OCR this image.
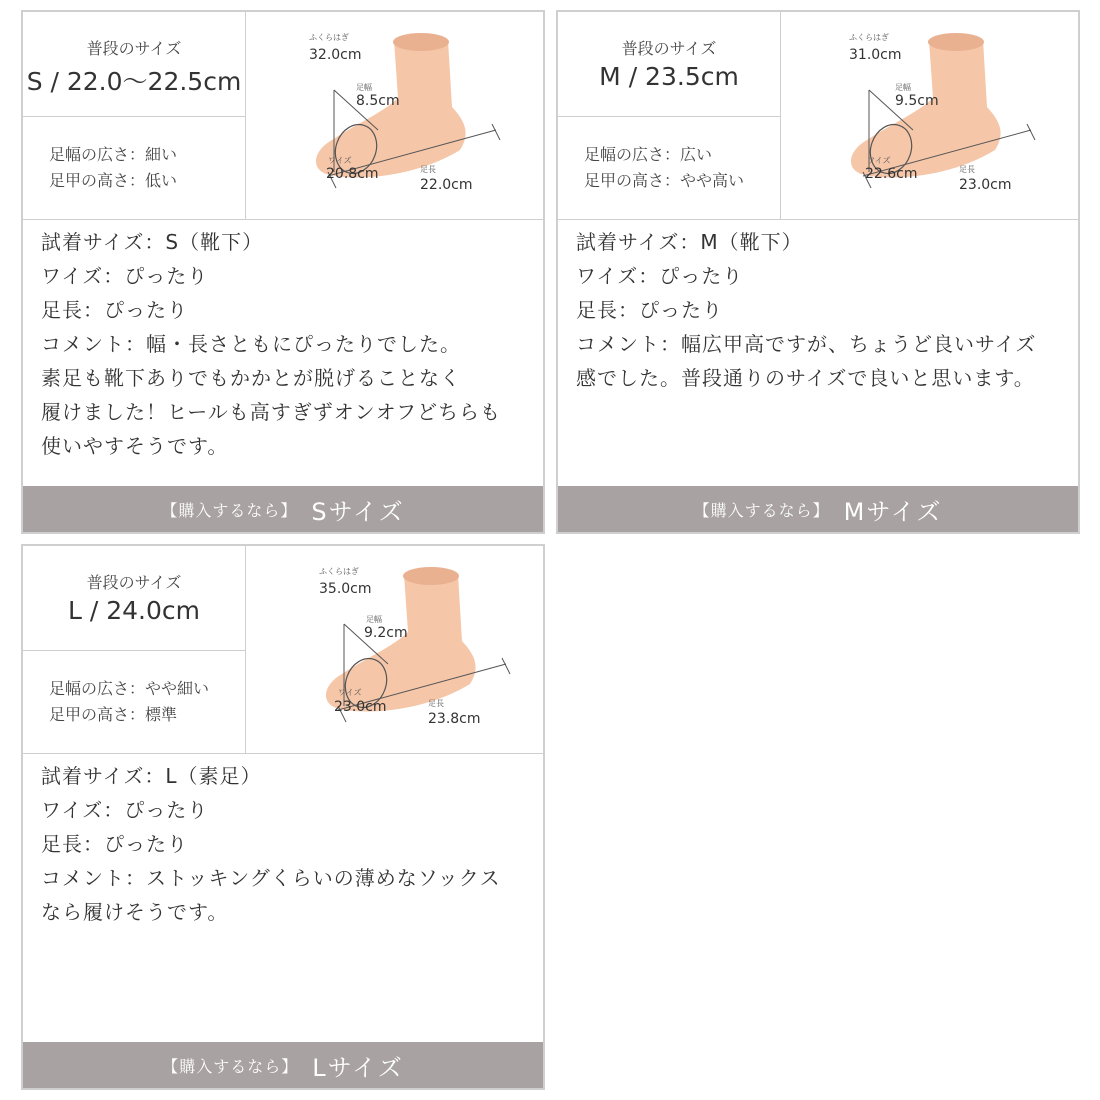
普段のサイズ
S / 22.0〜22.5cm
足幅の広さ：細い
足甲の高さ：低い
ふくらはぎ
32.0cm
足幅
8.5cm
ワイズ
20.8cm	足長
22.0cm
試着サイズ：S（靴下）
ワイズ：ぴったり
足長：ぴったり
コメント：幅・長さともにぴったりでした。
素足も靴下ありでもかかとが脱げることなく
履けました！ヒールも高すぎずオンオフどちらも
使いやすそうです。
【購入するなら】 Sサイズ
普段のサイズ
M / 23.5cm
足幅の広さ：広い
足甲の高さ：やや高い
ふくらはぎ
31.0cm
足幅
9.5cm
ワイズ
22.6cm	足長
23.0cm
試着サイズ：M（靴下）
ワイズ：ぴったり
足長：ぴったり
コメント：幅広甲高ですが、ちょうど良いサイズ
感でした。普段通りのサイズで良いと思います。
【購入するなら】 Mサイズ
普段のサイズ
L / 24.0cm
足幅の広さ：やや細い
足甲の高さ：標準
ふくらはぎ
35.0cm
足幅
9.2cm
ワイズ
23.0cm	足長
23.8cm
試着サイズ：L（素足）
ワイズ：ぴったり
足長：ぴったり
コメント：ストッキングくらいの薄めなソックス
なら履けそうです。
【購入するなら】 Lサイズ
